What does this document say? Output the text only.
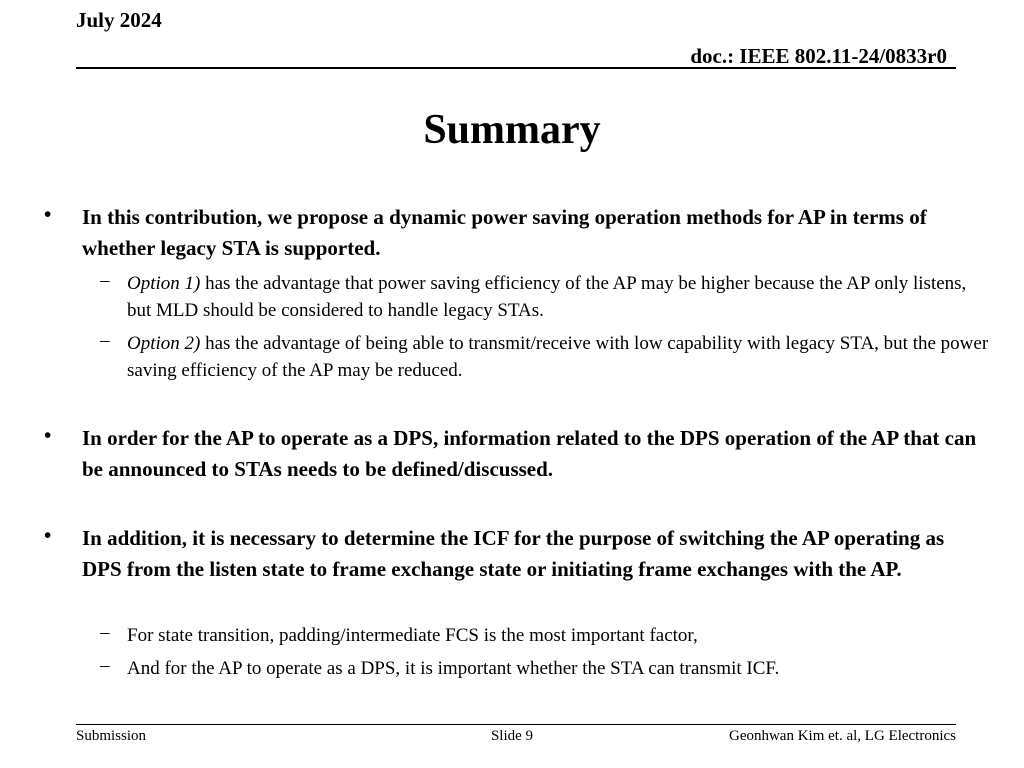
July 2024
doc.: IEEE 802.11-24/0833r0
Summary
•	In this contribution, we propose a dynamic power saving operation methods for AP in terms of whether legacy STA is supported.
– Option 1) has the advantage that power saving efficiency of the AP may be higher because the AP only listens, but MLD should be considered to handle legacy STAs.
– Option 2) has the advantage of being able to transmit/receive with low capability with legacy STA, but the power saving efficiency of the AP may be reduced.
•	In order for the AP to operate as a DPS, information related to the DPS operation of the AP that can be announced to STAs needs to be defined/discussed.
•	In addition, it is necessary to determine the ICF for the purpose of switching the AP operating as DPS from the listen state to frame exchange state or initiating frame exchanges with the AP.
– For state transition, padding/intermediate FCS is the most important factor,
– And for the AP to operate as a DPS, it is important whether the STA can transmit ICF.
Submission	Slide 9	Geonhwan Kim et. al, LG Electronics
